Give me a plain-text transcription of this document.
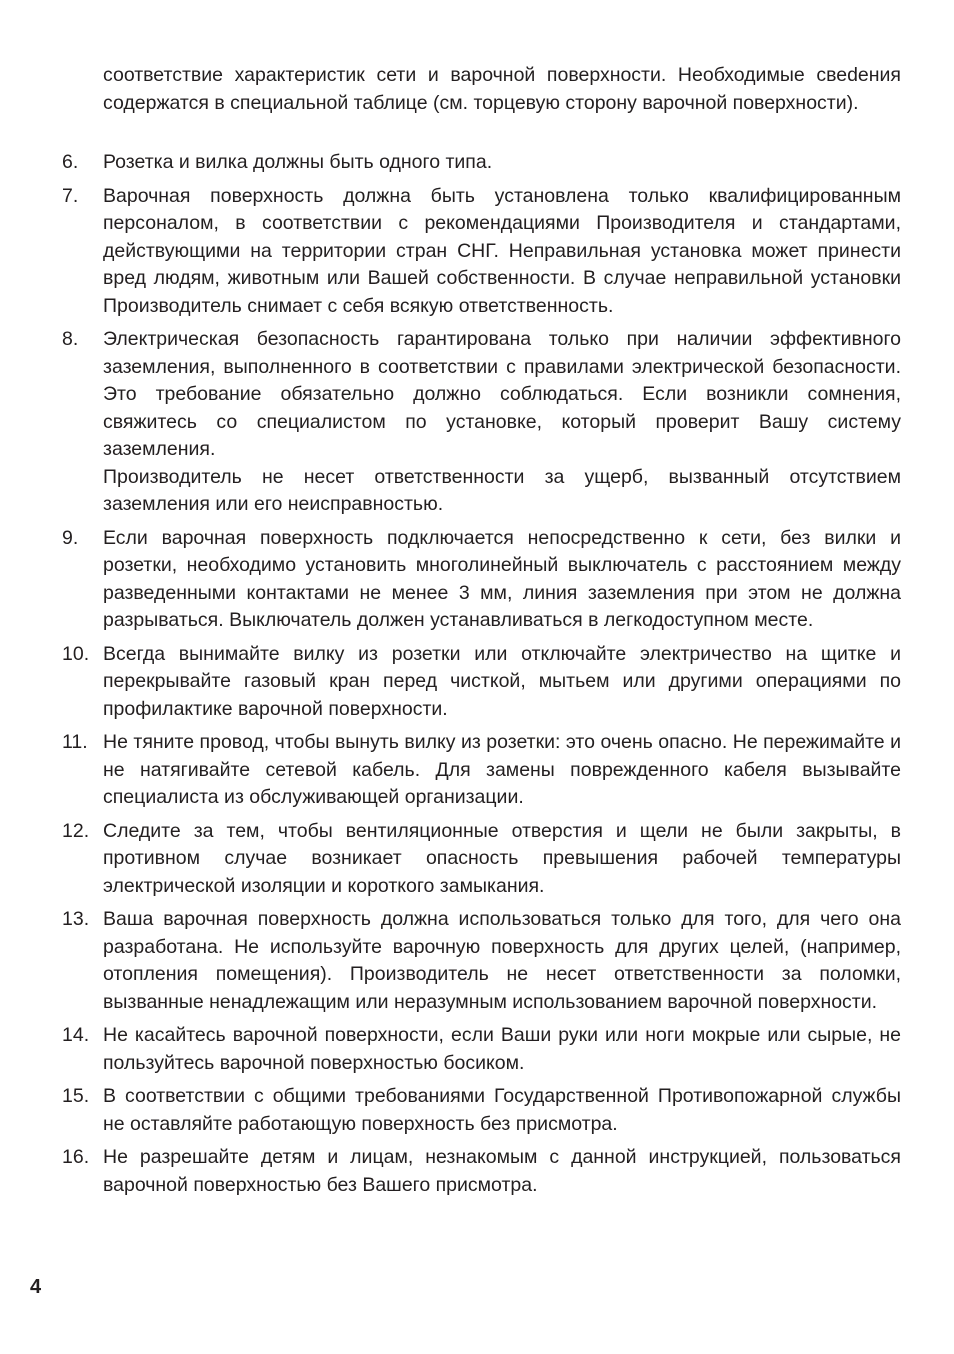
соответствие характеристик сети и варочной поверхности. Необходимые свеdения содержатся в специальной таблице (см. торцевую сторону варочной поверхности).

6.	Розетка и вилка должны быть одного типа.

7.	Варочная поверхность должна быть установлена только квалифицированным персоналом, в соответствии с рекомендациями Производителя и стандартами, действующими на территории стран СНГ. Неправильная установка может принести вред людям, животным или Вашей собственности. В случае неправильной установки Производитель снимает с себя всякую ответственность.

8.	Электрическая безопасность гарантирована только при наличии эффективного заземления, выполненного в соответствии с правилами электрической безопасности. Это требование обязательно должно соблюдаться. Если возникли сомнения, свяжитесь со специалистом по установке, который проверит Вашу систему заземления.

Производитель не несет ответственности за ущерб, вызванный отсутствием заземления или его неисправностью.

9.	Если варочная поверхность подключается непосредственно к сети, без вилки и розетки, необходимо установить многолинейный выключатель с расстоянием между разведенными контактами не менее 3 мм, линия заземления при этом не должна разрываться. Выключатель должен устанавливаться в легкодоступном месте.

10. Всегда вынимайте вилку из розетки или отключайте электричество на щитке и перекрывайте газовый кран перед чисткой, мытьем или другими операциями по профилактике варочной поверхности.

11. Не тяните провод, чтобы вынуть вилку из розетки: это очень опасно. Не пережимайте и не натягивайте сетевой кабель. Для замены поврежденного кабеля вызывайте специалиста из обслуживающей организации.

12. Следите за тем, чтобы вентиляционные отверстия и щели не были закрыты, в противном случае возникает опасность превышения рабочей температуры электрической изоляции и короткого замыкания.

13. Ваша варочная поверхность должна использоваться только для того, для чего она разработана. Не используйте варочную поверхность для других целей, (например, отопления помещения). Производитель не несет ответственности за поломки, вызванные ненадлежащим или неразумным использованием варочной поверхности.

14. Не касайтесь варочной поверхности, если Ваши руки или ноги мокрые или сырые, не пользуйтесь варочной поверхностью босиком.

15. В соответствии с общими требованиями Государственной Противопожарной службы не оставляйте работающую поверхность без присмотра.

16. Не разрешайте детям и лицам, незнакомым с данной инструкцией, пользоваться варочной поверхностью без Вашего присмотра.

4
